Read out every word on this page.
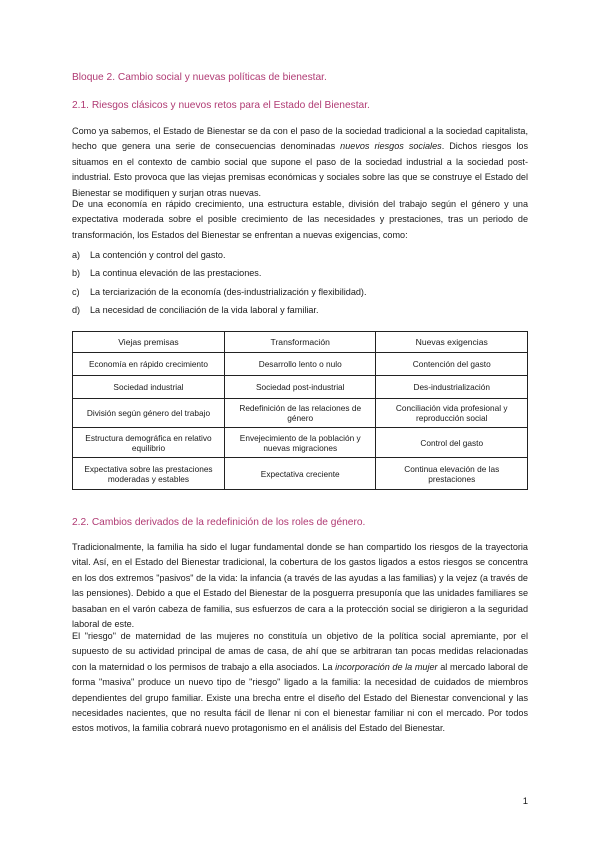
Bloque 2. Cambio social y nuevas políticas de bienestar.
2.1. Riesgos clásicos y nuevos retos para el Estado del Bienestar.

Como ya sabemos, el Estado de Bienestar se da con el paso de la sociedad tradicional a la sociedad capitalista, hecho que genera una serie de consecuencias denominadas nuevos riesgos sociales. Dichos riesgos los situamos en el contexto de cambio social que supone el paso de la sociedad industrial a la sociedad post-industrial. Esto provoca que las viejas premisas económicas y sociales sobre las que se construye el Estado del Bienestar se modifiquen y surjan otras nuevas.

De una economía en rápido crecimiento, una estructura estable, división del trabajo según el género y una expectativa moderada sobre el posible crecimiento de las necesidades y prestaciones, tras un periodo de transformación, los Estados del Bienestar se enfrentan a nuevas exigencias, como:

a)	La contención y control del gasto.
b)	La continua elevación de las prestaciones.
c)	La terciarización de la economía (des-industrialización y flexibilidad).
d)	La necesidad de conciliación de la vida laboral y familiar.
Viejas premisas	Transformación	Nuevas exigencias
Economía en rápido crecimiento	Desarrollo lento o nulo	Contención del gasto
Sociedad industrial	Sociedad post-industrial	Des-industrialización
División según género del trabajo	Redefinición de las relaciones de género	Conciliación vida profesional y reproducción social
Estructura demográfica en relativo equilibrio	Envejecimiento de la población y nuevas migraciones	Control del gasto
Expectativa sobre las prestaciones moderadas y estables	Expectativa creciente	Continua elevación de las prestaciones
2.2. Cambios derivados de la redefinición de los roles de género.

Tradicionalmente, la familia ha sido el lugar fundamental donde se han compartido los riesgos de la trayectoria vital. Así, en el Estado del Bienestar tradicional, la cobertura de los gastos ligados a estos riesgos se concentra en los dos extremos "pasivos" de la vida: la infancia (a través de las ayudas a las familias) y la vejez (a través de las pensiones). Debido a que el Estado del Bienestar de la posguerra presuponía que las unidades familiares se basaban en el varón cabeza de familia, sus esfuerzos de cara a la protección social se dirigieron a la seguridad laboral de este.

El "riesgo" de maternidad de las mujeres no constituía un objetivo de la política social apremiante, por el supuesto de su actividad principal de amas de casa, de ahí que se arbitraran tan pocas medidas relacionadas con la maternidad o los permisos de trabajo a ella asociados. La incorporación de la mujer al mercado laboral de forma "masiva" produce un nuevo tipo de "riesgo" ligado a la familia: la necesidad de cuidados de miembros dependientes del grupo familiar. Existe una brecha entre el diseño del Estado del Bienestar convencional y las necesidades nacientes, que no resulta fácil de llenar ni con el bienestar familiar ni con el mercado. Por todos estos motivos, la familia cobrará nuevo protagonismo en el análisis del Estado del Bienestar.

1
